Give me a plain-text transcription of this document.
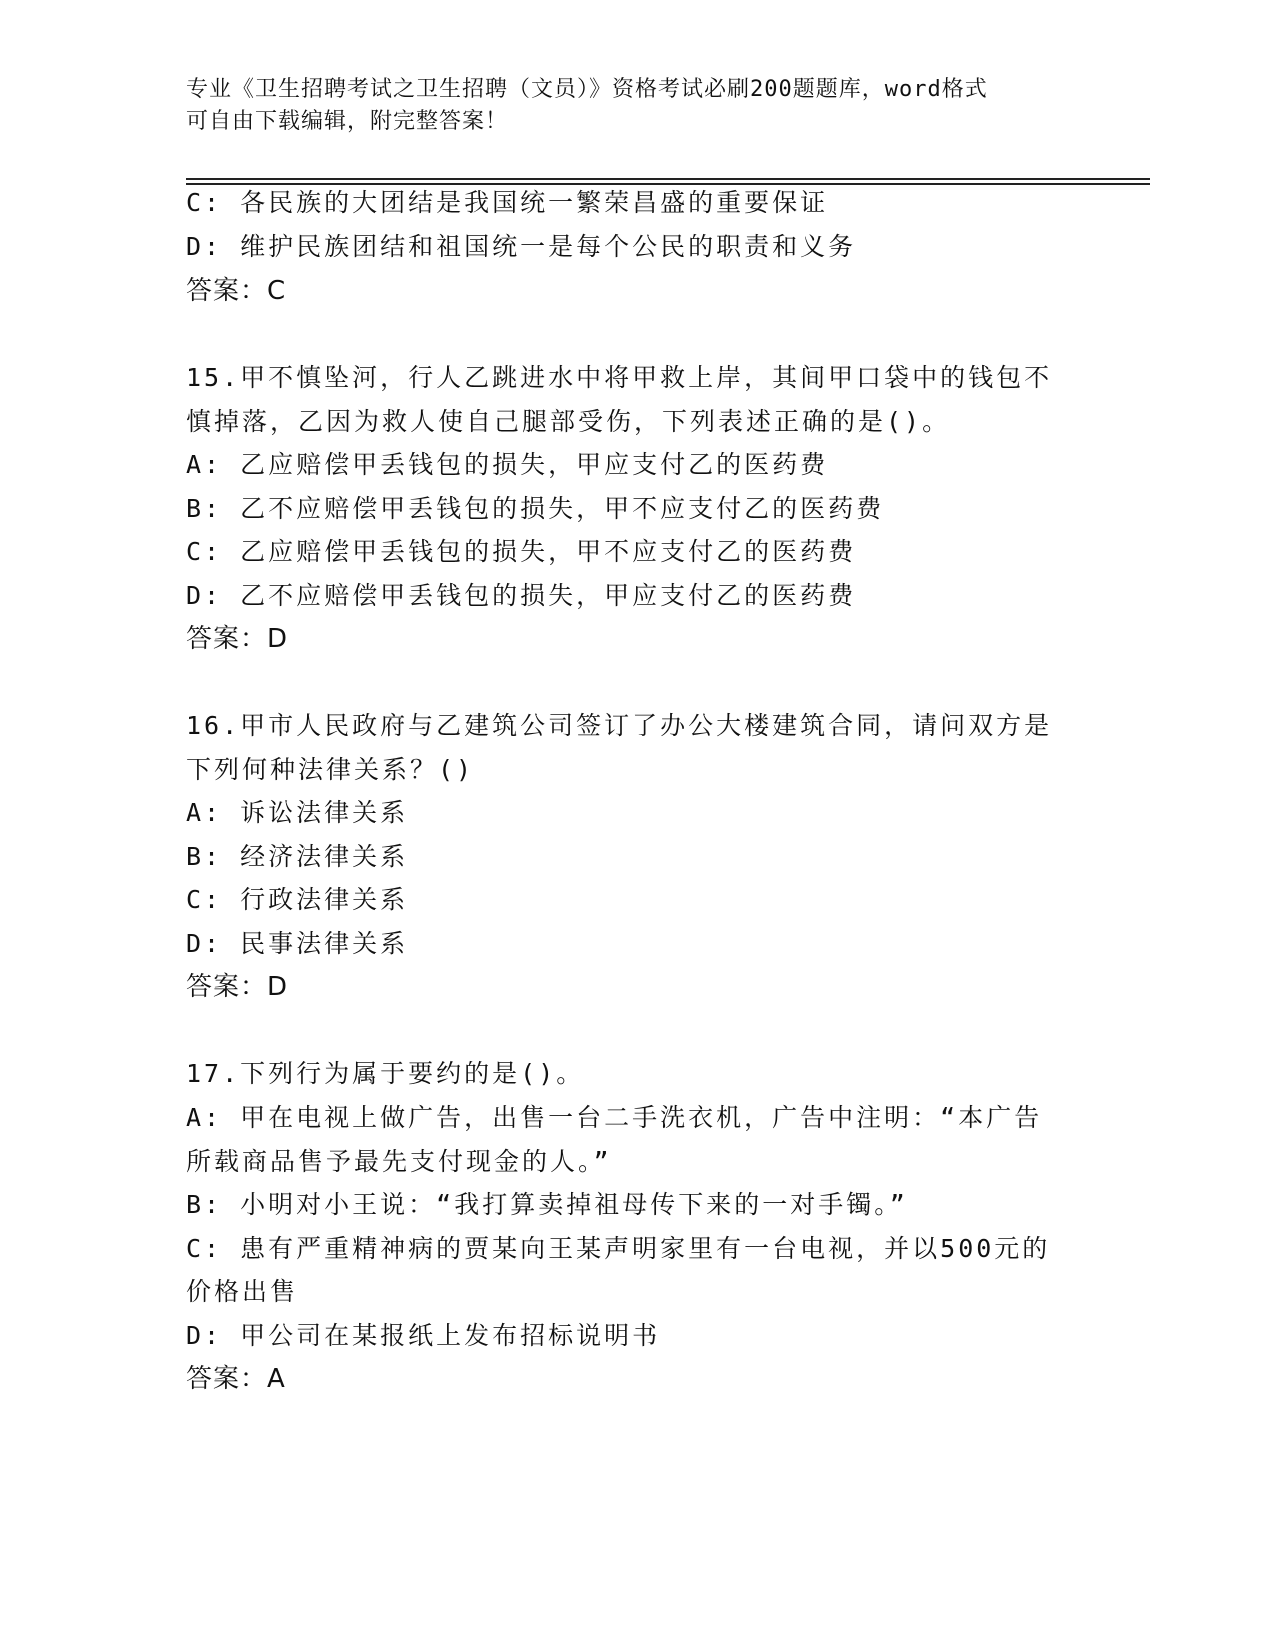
专业《卫生招聘考试之卫生招聘（文员）》资格考试必刷200题题库，word格式
可自由下载编辑，附完整答案！
C: 各民族的大团结是我国统一繁荣昌盛的重要保证
D: 维护民族团结和祖国统一是每个公民的职责和义务
答案：C
15.甲不慎坠河，行人乙跳进水中将甲救上岸，其间甲口袋中的钱包不
慎掉落，乙因为救人使自己腿部受伤，下列表述正确的是()。
A: 乙应赔偿甲丢钱包的损失，甲应支付乙的医药费
B: 乙不应赔偿甲丢钱包的损失，甲不应支付乙的医药费
C: 乙应赔偿甲丢钱包的损失，甲不应支付乙的医药费
D: 乙不应赔偿甲丢钱包的损失，甲应支付乙的医药费
答案：D
16.甲市人民政府与乙建筑公司签订了办公大楼建筑合同，请问双方是
下列何种法律关系？()
A: 诉讼法律关系
B: 经济法律关系
C: 行政法律关系
D: 民事法律关系
答案：D
17.下列行为属于要约的是()。
A: 甲在电视上做广告，出售一台二手洗衣机，广告中注明：“本广告
所载商品售予最先支付现金的人。”
B: 小明对小王说：“我打算卖掉祖母传下来的一对手镯。”
C: 患有严重精神病的贾某向王某声明家里有一台电视，并以500元的
价格出售
D: 甲公司在某报纸上发布招标说明书
答案：A
